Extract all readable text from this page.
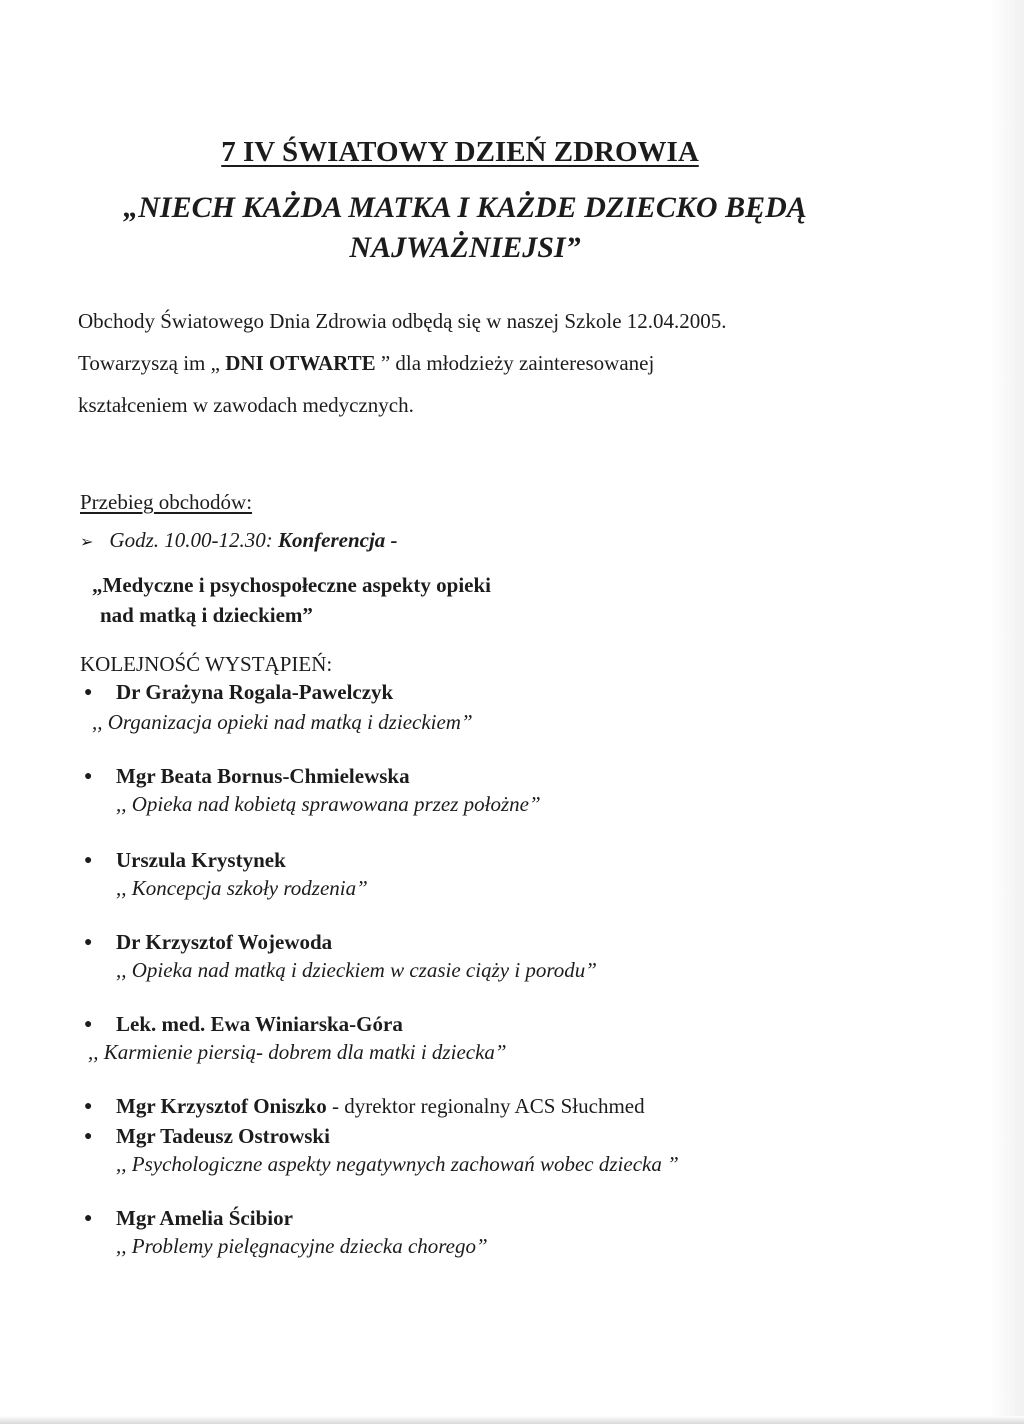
7 IV ŚWIATOWY DZIEŃ ZDROWIA
„NIECH KAŻDA MATKA I KAŻDE DZIECKO BĘDĄ
NAJWAŻNIEJSI”
Obchody Światowego Dnia Zdrowia odbędą się w naszej Szkole 12.04.2005.
Towarzyszą im „ DNI OTWARTE ” dla młodzieży zainteresowanej
kształceniem w zawodach medycznych.
Przebieg obchodów:
➢ Godz. 10.00-12.30: Konferencja -
„Medyczne i psychospołeczne aspekty opieki
nad matką i dzieckiem”
KOLEJNOŚĆ WYSTĄPIEŃ:
● Dr Grażyna Rogala-Pawelczyk
,, Organizacja opieki nad matką i dzieckiem”
● Mgr Beata Bornus-Chmielewska
,, Opieka nad kobietą sprawowana przez położne”
● Urszula Krystynek
,, Koncepcja szkoły rodzenia”
● Dr Krzysztof Wojewoda
,, Opieka nad matką i dzieckiem w czasie ciąży i porodu”
● Lek. med. Ewa Winiarska-Góra
,, Karmienie piersią- dobrem dla matki i dziecka”
● Mgr Krzysztof Oniszko - dyrektor regionalny ACS Słuchmed
● Mgr Tadeusz Ostrowski
,, Psychologiczne aspekty negatywnych zachowań wobec dziecka ”
● Mgr Amelia Ścibior
,, Problemy pielęgnacyjne dziecka chorego”
